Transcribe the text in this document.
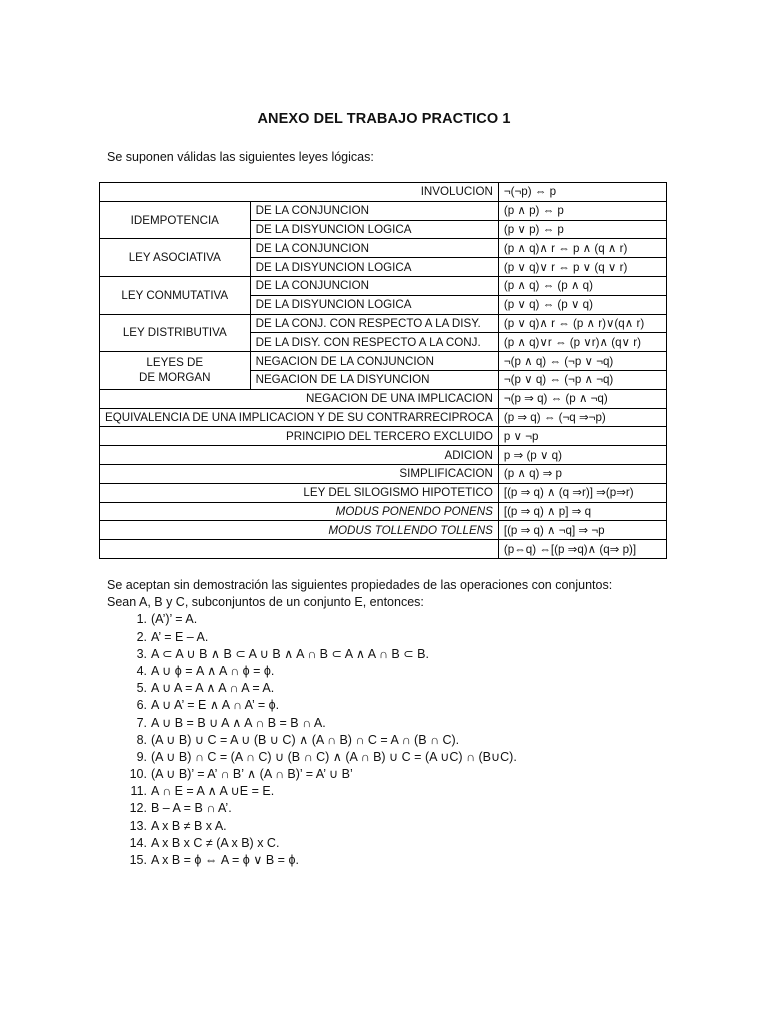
ANEXO DEL TRABAJO PRACTICO 1
Se suponen válidas las siguientes leyes lógicas:
INVOLUCION		¬(¬p) ⇔ p
IDEMPOTENCIA	DE LA CONJUNCION	(p ∧ p) ⇔ p
	DE LA DISYUNCION LOGICA	(p ∨ p) ⇔ p
LEY ASOCIATIVA	DE LA CONJUNCION	(p ∧ q)∧ r ⇔ p ∧ (q ∧ r)
	DE LA DISYUNCION LOGICA	(p ∨ q)∨ r ⇔ p ∨ (q ∨ r)
LEY CONMUTATIVA	DE LA CONJUNCION	(p ∧ q) ⇔ (p ∧ q)
	DE LA DISYUNCION LOGICA	(p ∨ q) ⇔ (p ∨ q)
LEY DISTRIBUTIVA	DE LA CONJ. CON RESPECTO A LA DISY.	(p ∨ q)∧ r ⇔ (p ∧ r)∨(q∧ r)
	DE LA DISY. CON RESPECTO A LA CONJ.	(p ∧ q)∨r ⇔ (p ∨r)∧ (q∨ r)

LEYES DE
DE MORGAN	NEGACION DE LA CONJUNCION	¬(p ∧ q) ⇔ (¬p ∨ ¬q)
	NEGACION DE LA DISYUNCION	¬(p ∨ q) ⇔ (¬p ∧ ¬q)
NEGACION DE UNA IMPLICACION		¬(p ⇒ q) ⇔ (p ∧ ¬q)
EQUIVALENCIA DE UNA IMPLICACION Y DE SU CONTRARRECIPROCA		(p ⇒ q) ⇔ (¬q ⇒¬p)
PRINCIPIO DEL TERCERO EXCLUIDO		p ∨ ¬p
ADICION		p ⇒ (p ∨ q)
SIMPLIFICACION		(p ∧ q) ⇒ p
LEY DEL SILOGISMO HIPOTETICO		[(p ⇒ q) ∧ (q ⇒r)] ⇒(p⇒r)
MODUS PONENDO PONENS		[(p ⇒ q) ∧ p] ⇒ q
MODUS TOLLENDO TOLLENS		[(p ⇒ q) ∧ ¬q] ⇒ ¬p
		(p⇔q) ⇔[(p ⇒q)∧ (q⇒ p)]
Se aceptan sin demostración las siguientes propiedades de las operaciones con conjuntos:
Sean A, B y C, subconjuntos de un conjunto E, entonces:
1. (A’)’ = A.
2. A’ = E – A.
3. A ⊂ A ∪ B ∧ B ⊂ A ∪ B ∧ A ∩ B ⊂ A ∧ A ∩ B ⊂ B.
4. A ∪ ϕ = A ∧ A ∩ ϕ = ϕ.
5. A ∪ A = A ∧ A ∩ A = A.
6. A ∪ A’ = E ∧ A ∩ A’ = ϕ.
7. A ∪ B = B ∪ A ∧ A ∩ B = B ∩ A.
8. (A ∪ B) ∪ C = A ∪ (B ∪ C) ∧ (A ∩ B) ∩ C = A ∩ (B ∩ C).
9. (A ∪ B) ∩ C = (A ∩ C) ∪ (B ∩ C) ∧ (A ∩ B) ∪ C = (A ∪C) ∩ (B∪C).
10. (A ∪ B)’ = A’ ∩ B’ ∧ (A ∩ B)’ = A’ ∪ B’
11. A ∩ E = A ∧ A ∪E = E.
12. B – A = B ∩ A’.
13. A x B ≠ B x A.
14. A x B x C ≠ (A x B) x C.
15. A x B = ϕ ⇔ A = ϕ ∨ B = ϕ.
